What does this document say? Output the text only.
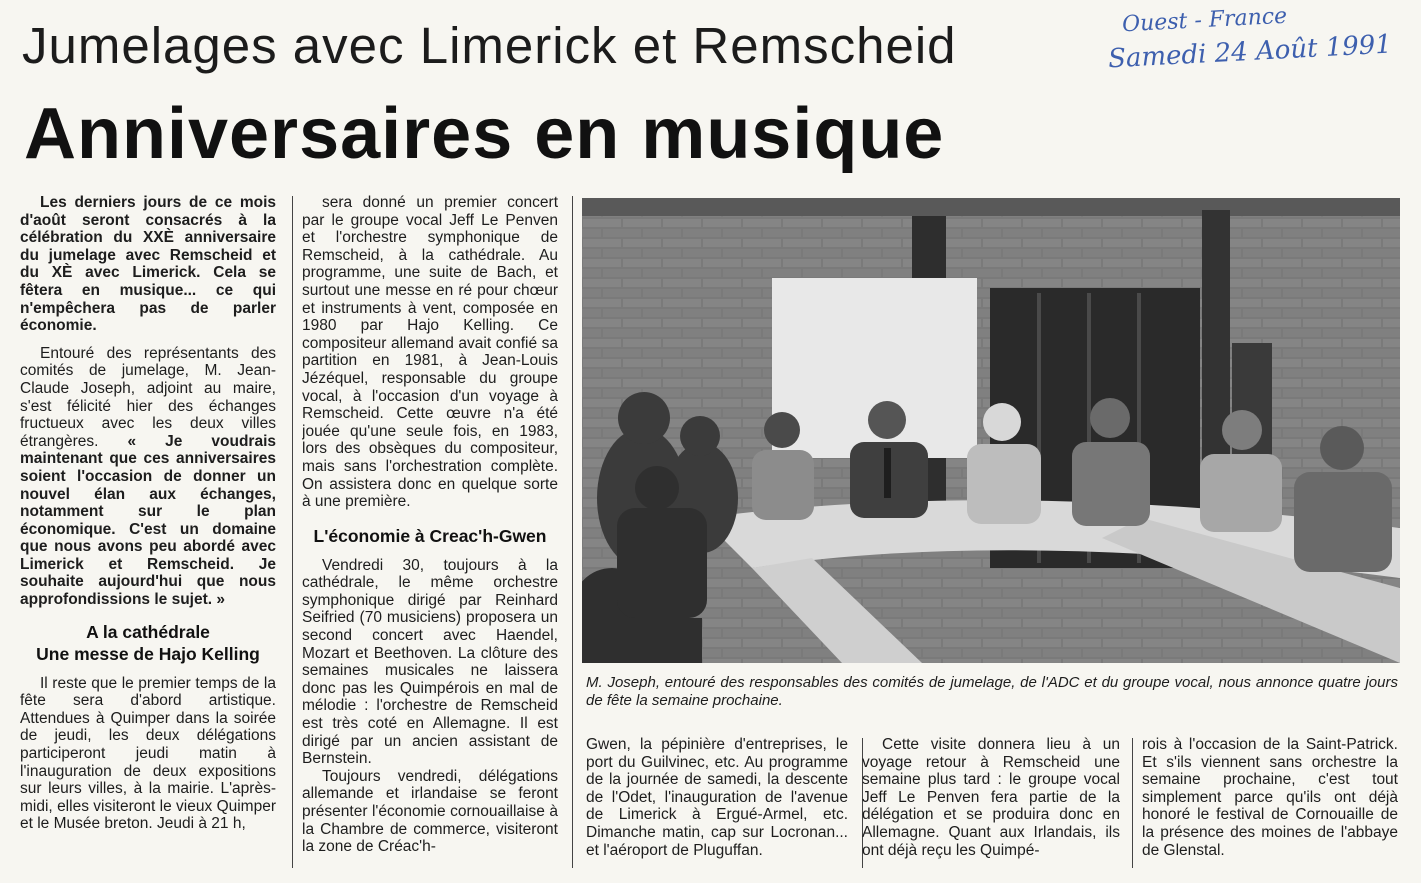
Ouest - France
Samedi 24 Août 1991
Jumelages avec Limerick et Remscheid
Anniversaires en musique

Les derniers jours de ce mois d'août seront consacrés à la célébration du XXÈ anniversaire du jumelage avec Remscheid et du XÈ avec Limerick. Cela se fêtera en musique... ce qui n'empêchera pas de parler économie.

Entouré des représentants des comités de jumelage, M. Jean-Claude Joseph, adjoint au maire, s'est félicité hier des échanges fructueux avec les deux villes étrangères. « Je voudrais maintenant que ces anniversaires soient l'occasion de donner un nouvel élan aux échanges, notamment sur le plan économique. C'est un domaine que nous avons peu abordé avec Limerick et Remscheid. Je souhaite aujourd'hui que nous approfondissions le sujet. »

A la cathédrale
Une messe de Hajo Kelling

Il reste que le premier temps de la fête sera d'abord artistique. Attendues à Quimper dans la soirée de jeudi, les deux délégations participeront jeudi matin à l'inauguration de deux expositions sur leurs villes, à la mairie. L'après-midi, elles visiteront le vieux Quimper et le Musée breton. Jeudi à 21 h,

sera donné un premier concert par le groupe vocal Jeff Le Penven et l'orchestre symphonique de Remscheid, à la cathédrale. Au programme, une suite de Bach, et surtout une messe en ré pour chœur et instruments à vent, composée en 1980 par Hajo Kelling. Ce compositeur allemand avait confié sa partition en 1981, à Jean-Louis Jézéquel, responsable du groupe vocal, à l'occasion d'un voyage à Remscheid. Cette œuvre n'a été jouée qu'une seule fois, en 1983, lors des obsèques du compositeur, mais sans l'orchestration complète. On assistera donc en quelque sorte à une première.

L'économie à Creac'h-Gwen

Vendredi 30, toujours à la cathédrale, le même orchestre symphonique dirigé par Reinhard Seifried (70 musiciens) proposera un second concert avec Haendel, Mozart et Beethoven. La clôture des semaines musicales ne laissera donc pas les Quimpérois en mal de mélodie : l'orchestre de Remscheid est très coté en Allemagne. Il est dirigé par un ancien assistant de Bernstein.

Toujours vendredi, délégations allemande et irlandaise se feront présenter l'économie cornouaillaise à la Chambre de commerce, visiteront la zone de Créac'h-

M. Joseph, entouré des responsables des comités de jumelage, de l'ADC et du groupe vocal, nous annonce quatre jours de fête la semaine prochaine.

Gwen, la pépinière d'entreprises, le port du Guilvinec, etc. Au programme de la journée de samedi, la descente de l'Odet, l'inauguration de l'avenue de Limerick à Ergué-Armel, etc. Dimanche matin, cap sur Locronan... et l'aéroport de Pluguffan.

Cette visite donnera lieu à un voyage retour à Remscheid une semaine plus tard : le groupe vocal Jeff Le Penven fera partie de la délégation et se produira donc en Allemagne. Quant aux Irlandais, ils ont déjà reçu les Quimpé-

rois à l'occasion de la Saint-Patrick. Et s'ils viennent sans orchestre la semaine prochaine, c'est tout simplement parce qu'ils ont déjà honoré le festival de Cornouaille de la présence des moines de l'abbaye de Glenstal.
